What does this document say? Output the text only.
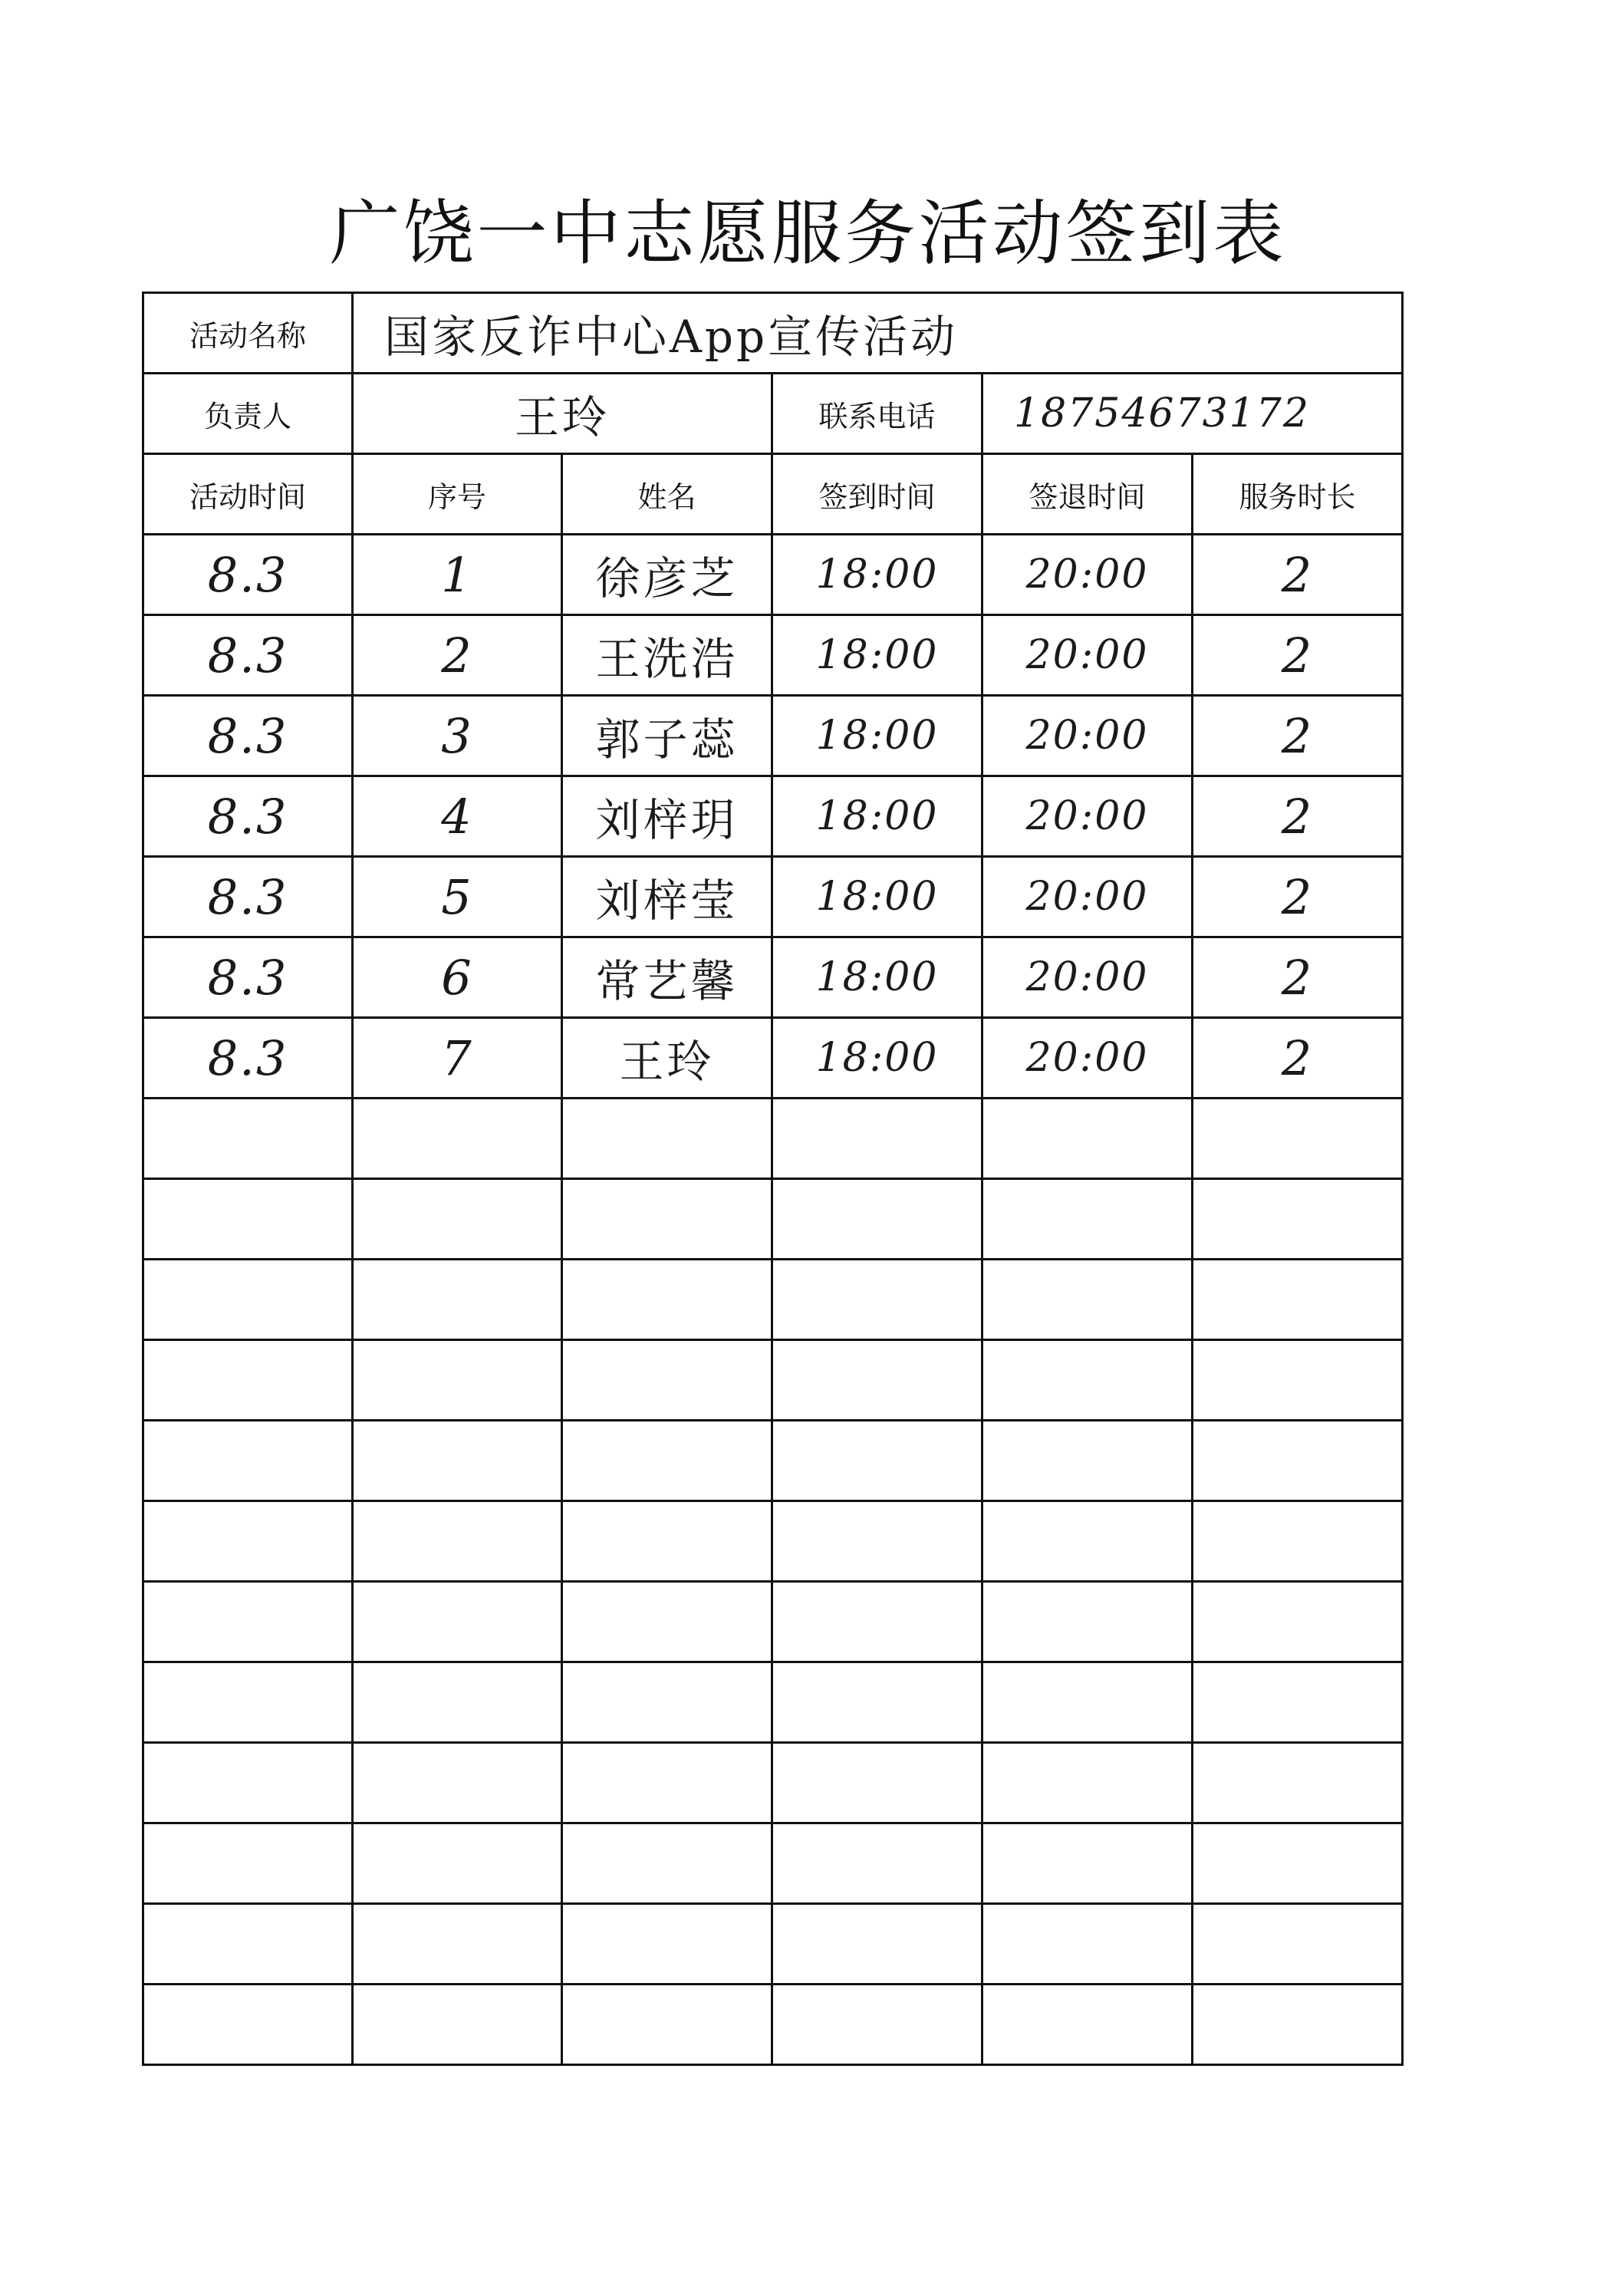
广饶一中志愿服务活动签到表
活动名称	国家反诈中心App宣传活动				
负责人	王玲		联系电话	18754673172	
活动时间	序号	姓名	签到时间	签退时间	服务时长
8.3	1	徐彦芝	18:00	20:00	2
8.3	2	王洗浩	18:00	20:00	2
8.3	3	郭子蕊	18:00	20:00	2
8.3	4	刘梓玥	18:00	20:00	2
8.3	5	刘梓莹	18:00	20:00	2
8.3	6	常艺馨	18:00	20:00	2
8.3	7	王玲	18:00	20:00	2
